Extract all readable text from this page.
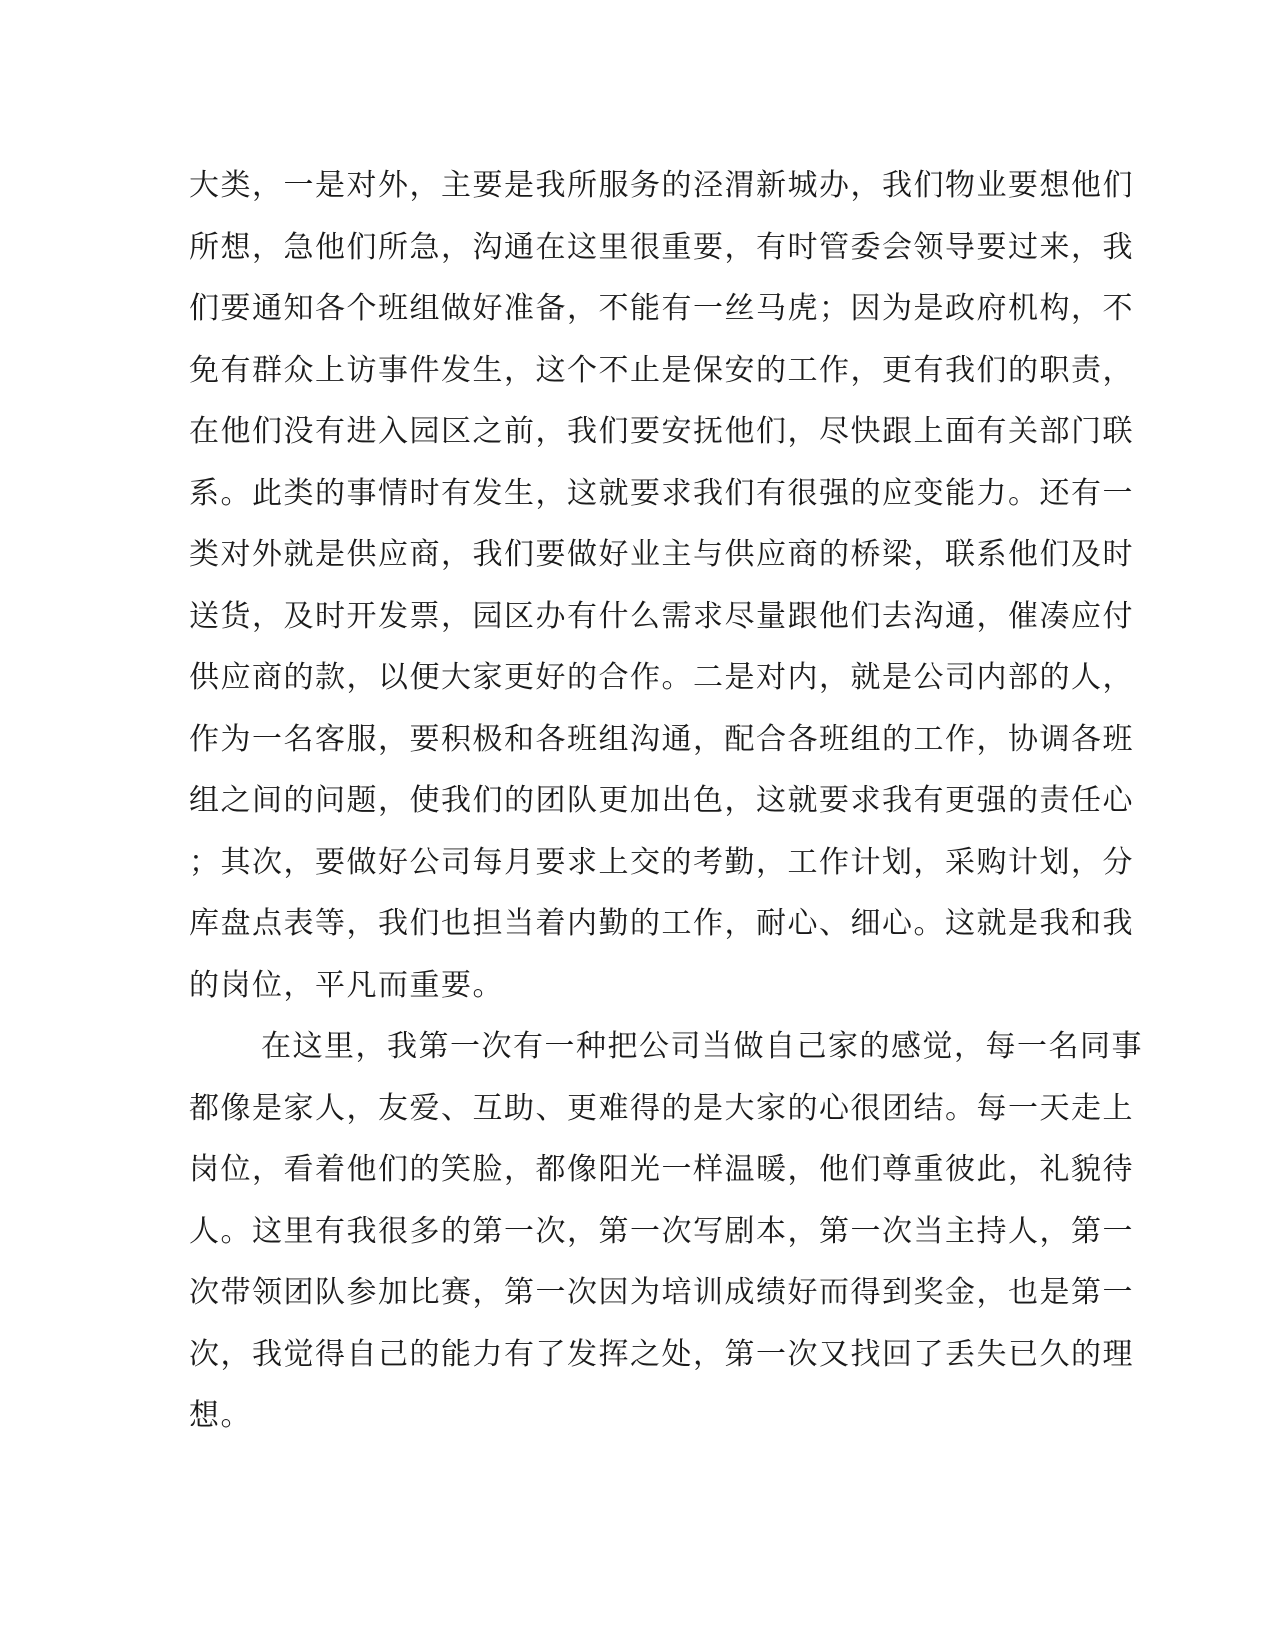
大类，一是对外，主要是我所服务的泾渭新城办，我们物业要想他们
所想，急他们所急，沟通在这里很重要，有时管委会领导要过来，我
们要通知各个班组做好准备，不能有一丝马虎；因为是政府机构，不
免有群众上访事件发生，这个不止是保安的工作，更有我们的职责，
在他们没有进入园区之前，我们要安抚他们，尽快跟上面有关部门联
系。此类的事情时有发生，这就要求我们有很强的应变能力。还有一
类对外就是供应商，我们要做好业主与供应商的桥梁，联系他们及时
送货，及时开发票，园区办有什么需求尽量跟他们去沟通，催凑应付
供应商的款，以便大家更好的合作。二是对内，就是公司内部的人，
作为一名客服，要积极和各班组沟通，配合各班组的工作，协调各班
组之间的问题，使我们的团队更加出色，这就要求我有更强的责任心
；其次，要做好公司每月要求上交的考勤，工作计划，采购计划，分
库盘点表等，我们也担当着内勤的工作，耐心、细心。这就是我和我
的岗位，平凡而重要。
在这里，我第一次有一种把公司当做自己家的感觉，每一名同事
都像是家人，友爱、互助、更难得的是大家的心很团结。每一天走上
岗位，看着他们的笑脸，都像阳光一样温暖，他们尊重彼此，礼貌待
人。这里有我很多的第一次，第一次写剧本，第一次当主持人，第一
次带领团队参加比赛，第一次因为培训成绩好而得到奖金，也是第一
次，我觉得自己的能力有了发挥之处，第一次又找回了丢失已久的理
想。
